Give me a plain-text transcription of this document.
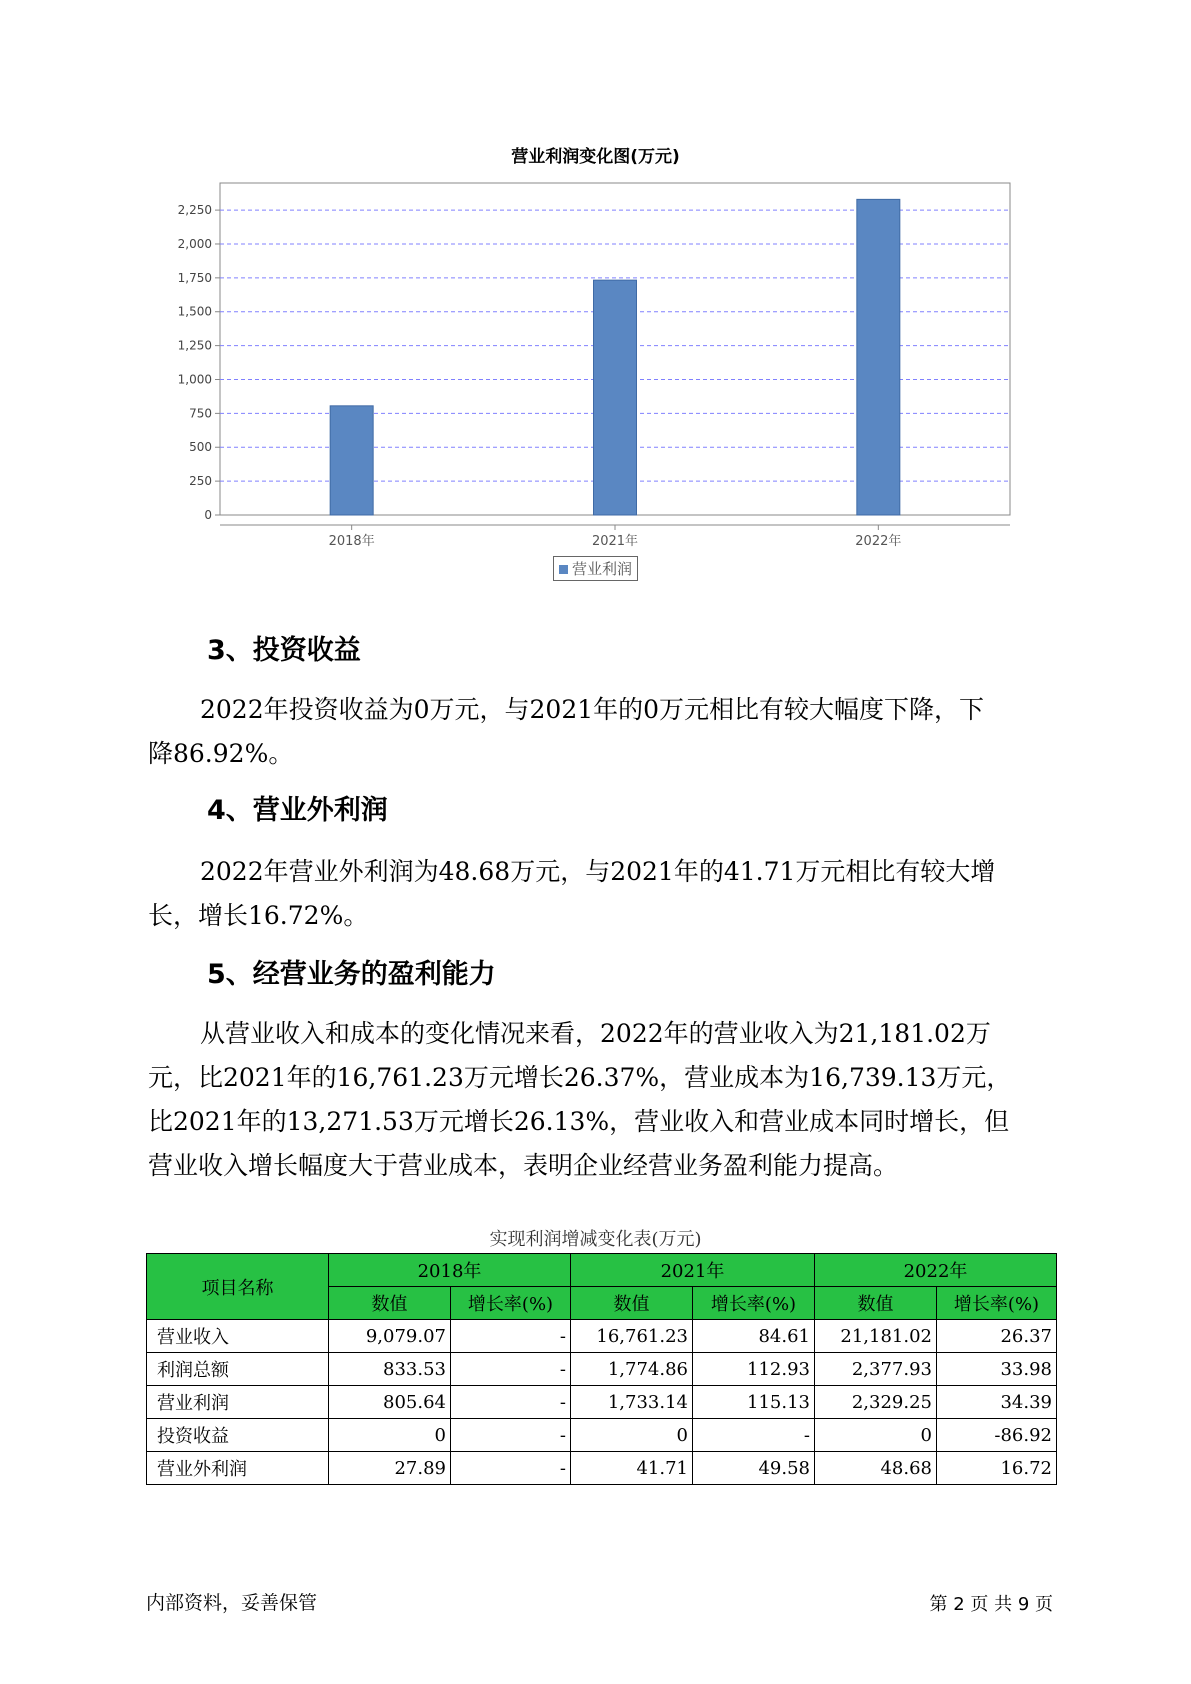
营业利润变化图(万元)
0
250
500
750
1,000
1,250
1,500
1,750
2,000
2,250
2018年	2021年	2022年
营业利润
3、投资收益
2022年投资收益为0万元，与2021年的0万元相比有较大幅度下降，下
降86.92%。
4、营业外利润
2022年营业外利润为48.68万元，与2021年的41.71万元相比有较大增
长，增长16.72%。
5、经营业务的盈利能力
从营业收入和成本的变化情况来看，2022年的营业收入为21,181.02万
元，比2021年的16,761.23万元增长26.37%，营业成本为16,739.13万元，
比2021年的13,271.53万元增长26.13%，营业收入和营业成本同时增长，但
营业收入增长幅度大于营业成本，表明企业经营业务盈利能力提高。
实现利润增减变化表(万元)
项目名称	2018年		2021年		2022年	
	数值	增长率(%)	数值	增长率(%)	数值	增长率(%)
营业收入	9,079.07	-	16,761.23	84.61	21,181.02	26.37
利润总额	833.53	-	1,774.86	112.93	2,377.93	33.98
营业利润	805.64	-	1,733.14	115.13	2,329.25	34.39
投资收益	0	-	0	-	0	-86.92
营业外利润	27.89	-	41.71	49.58	48.68	16.72
内部资料，妥善保管	第 2 页 共 9 页
